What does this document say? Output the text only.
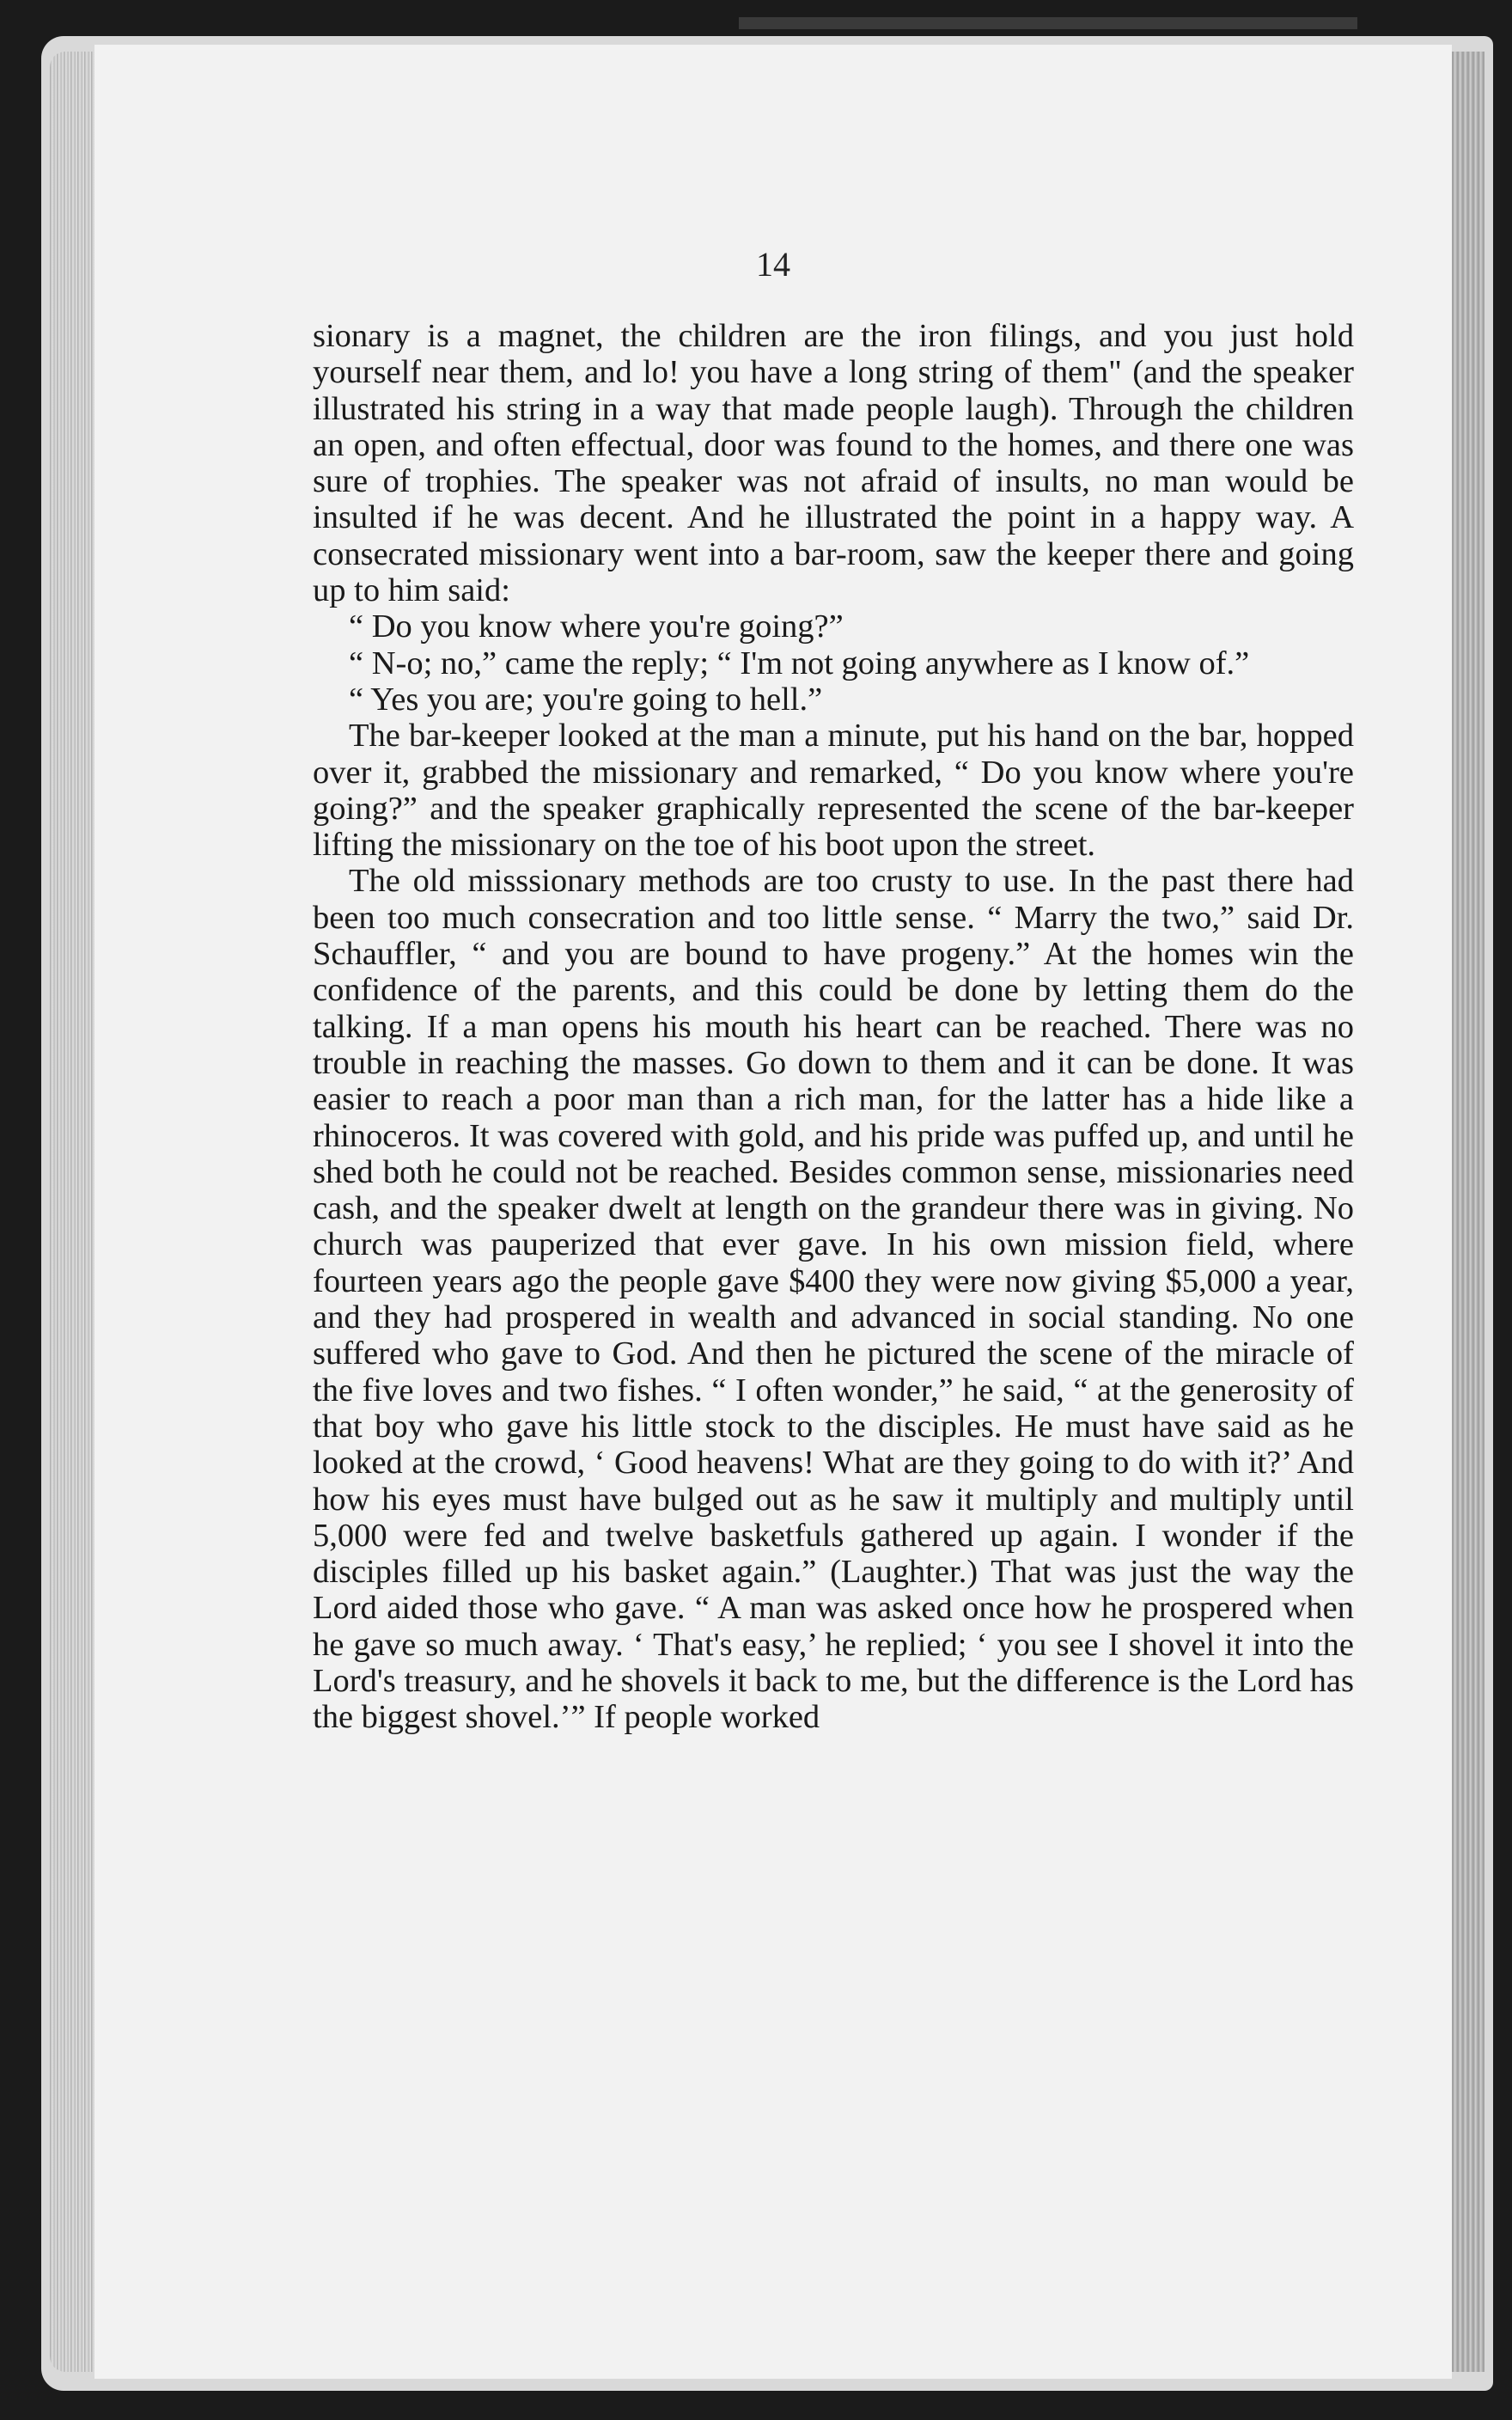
14

sionary is a magnet, the children are the iron filings, and you just hold yourself near them, and lo! you have a long string of them" (and the speaker illustrated his string in a way that made people laugh). Through the children an open, and often effectual, door was found to the homes, and there one was sure of trophies. The speaker was not afraid of insults, no man would be insulted if he was decent. And he illustrated the point in a happy way. A consecrated missionary went into a bar-room, saw the keeper there and going up to him said:

“ Do you know where you're going?”

“ N-o; no,” came the reply; “ I'm not going anywhere as I know of.”

“ Yes you are; you're going to hell.”

The bar-keeper looked at the man a minute, put his hand on the bar, hopped over it, grabbed the missionary and remarked, “ Do you know where you're going?” and the speaker graphically represented the scene of the bar-keeper lifting the missionary on the toe of his boot upon the street.

The old misssionary methods are too crusty to use. In the past there had been too much consecration and too little sense. “ Marry the two,” said Dr. Schauffler, “ and you are bound to have progeny.” At the homes win the confidence of the parents, and this could be done by letting them do the talking. If a man opens his mouth his heart can be reached. There was no trouble in reaching the masses. Go down to them and it can be done. It was easier to reach a poor man than a rich man, for the latter has a hide like a rhinoceros. It was covered with gold, and his pride was puffed up, and until he shed both he could not be reached. Besides common sense, missionaries need cash, and the speaker dwelt at length on the grandeur there was in giving. No church was pauperized that ever gave. In his own mission field, where fourteen years ago the people gave $400 they were now giving $5,000 a year, and they had prospered in wealth and advanced in social standing. No one suffered who gave to God. And then he pictured the scene of the miracle of the five loves and two fishes. “ I often wonder,” he said, “ at the generosity of that boy who gave his little stock to the disciples. He must have said as he looked at the crowd, ‘ Good heavens! What are they going to do with it?’ And how his eyes must have bulged out as he saw it multiply and multiply until 5,000 were fed and twelve basketfuls gathered up again. I wonder if the disciples filled up his basket again.” (Laughter.) That was just the way the Lord aided those who gave. “ A man was asked once how he prospered when he gave so much away. ‘ That's easy,’ he replied; ‘ you see I shovel it into the Lord's treasury, and he shovels it back to me, but the difference is the Lord has the biggest shovel.’” If people worked
